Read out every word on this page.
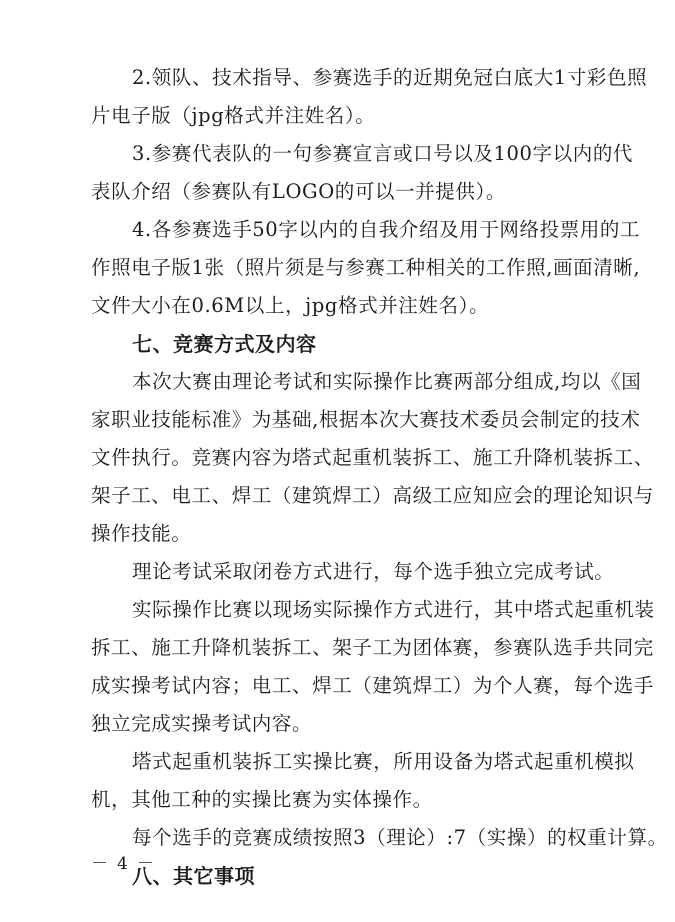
2.领队、技术指导、参赛选手的近期免冠白底大1寸彩色照
片电子版（jpg格式并注姓名）。
3.参赛代表队的一句参赛宣言或口号以及100字以内的代
表队介绍（参赛队有LOGO的可以一并提供）。
4.各参赛选手50字以内的自我介绍及用于网络投票用的工
作照电子版1张（照片须是与参赛工种相关的工作照,画面清晰,
文件大小在0.6M以上，jpg格式并注姓名）。
七、竞赛方式及内容
本次大赛由理论考试和实际操作比赛两部分组成,均以《国
家职业技能标准》为基础,根据本次大赛技术委员会制定的技术
文件执行。竞赛内容为塔式起重机装拆工、施工升降机装拆工、
架子工、电工、焊工（建筑焊工）高级工应知应会的理论知识与
操作技能。
理论考试采取闭卷方式进行，每个选手独立完成考试。
实际操作比赛以现场实际操作方式进行，其中塔式起重机装
拆工、施工升降机装拆工、架子工为团体赛，参赛队选手共同完
成实操考试内容；电工、焊工（建筑焊工）为个人赛，每个选手
独立完成实操考试内容。
塔式起重机装拆工实操比赛，所用设备为塔式起重机模拟
机，其他工种的实操比赛为实体操作。
每个选手的竞赛成绩按照3（理论）:7（实操）的权重计算。
八、其它事项
－ 4 －
